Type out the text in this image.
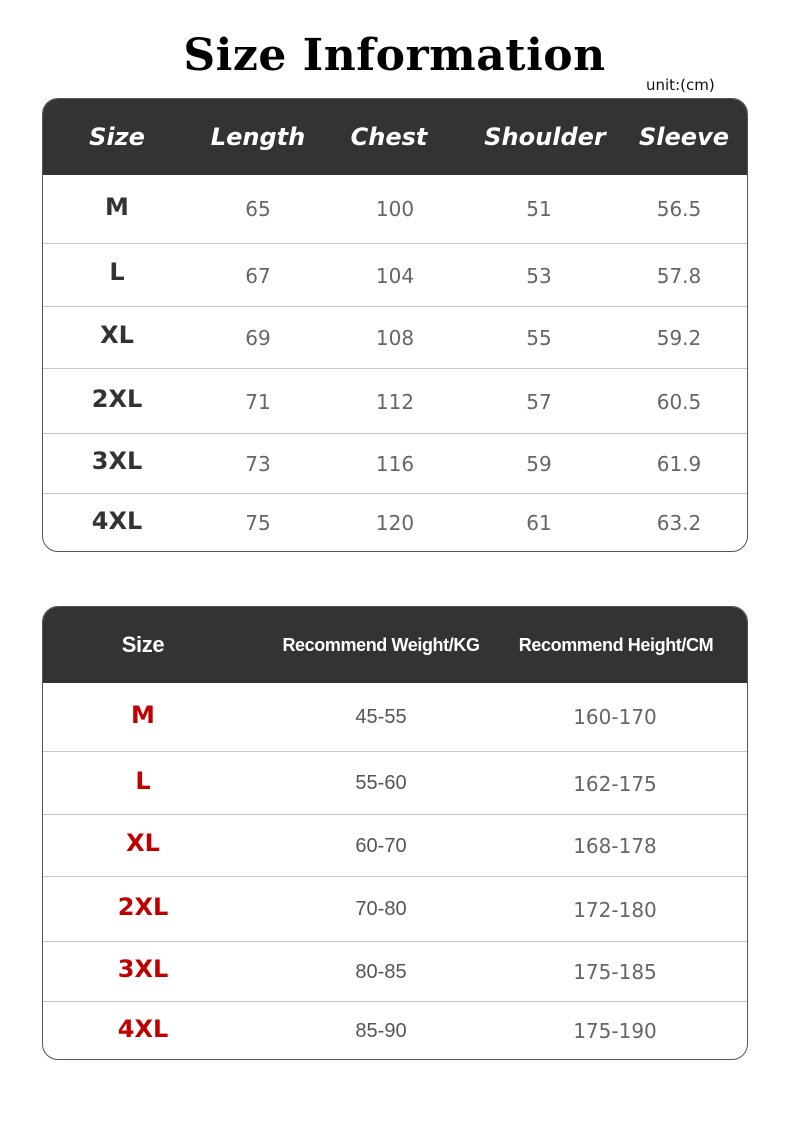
Size Information
unit:(cm)
Size	Length	Chest	Shoulder	Sleeve
M	65	100	51	56.5
L	67	104	53	57.8
XL	69	108	55	59.2
2XL	71	112	57	60.5
3XL	73	116	59	61.9
4XL	75	120	61	63.2
Size	Recommend Weight/KG	Recommend Height/CM
M	45-55	160-170
L	55-60	162-175
XL	60-70	168-178
2XL	70-80	172-180
3XL	80-85	175-185
4XL	85-90	175-190
